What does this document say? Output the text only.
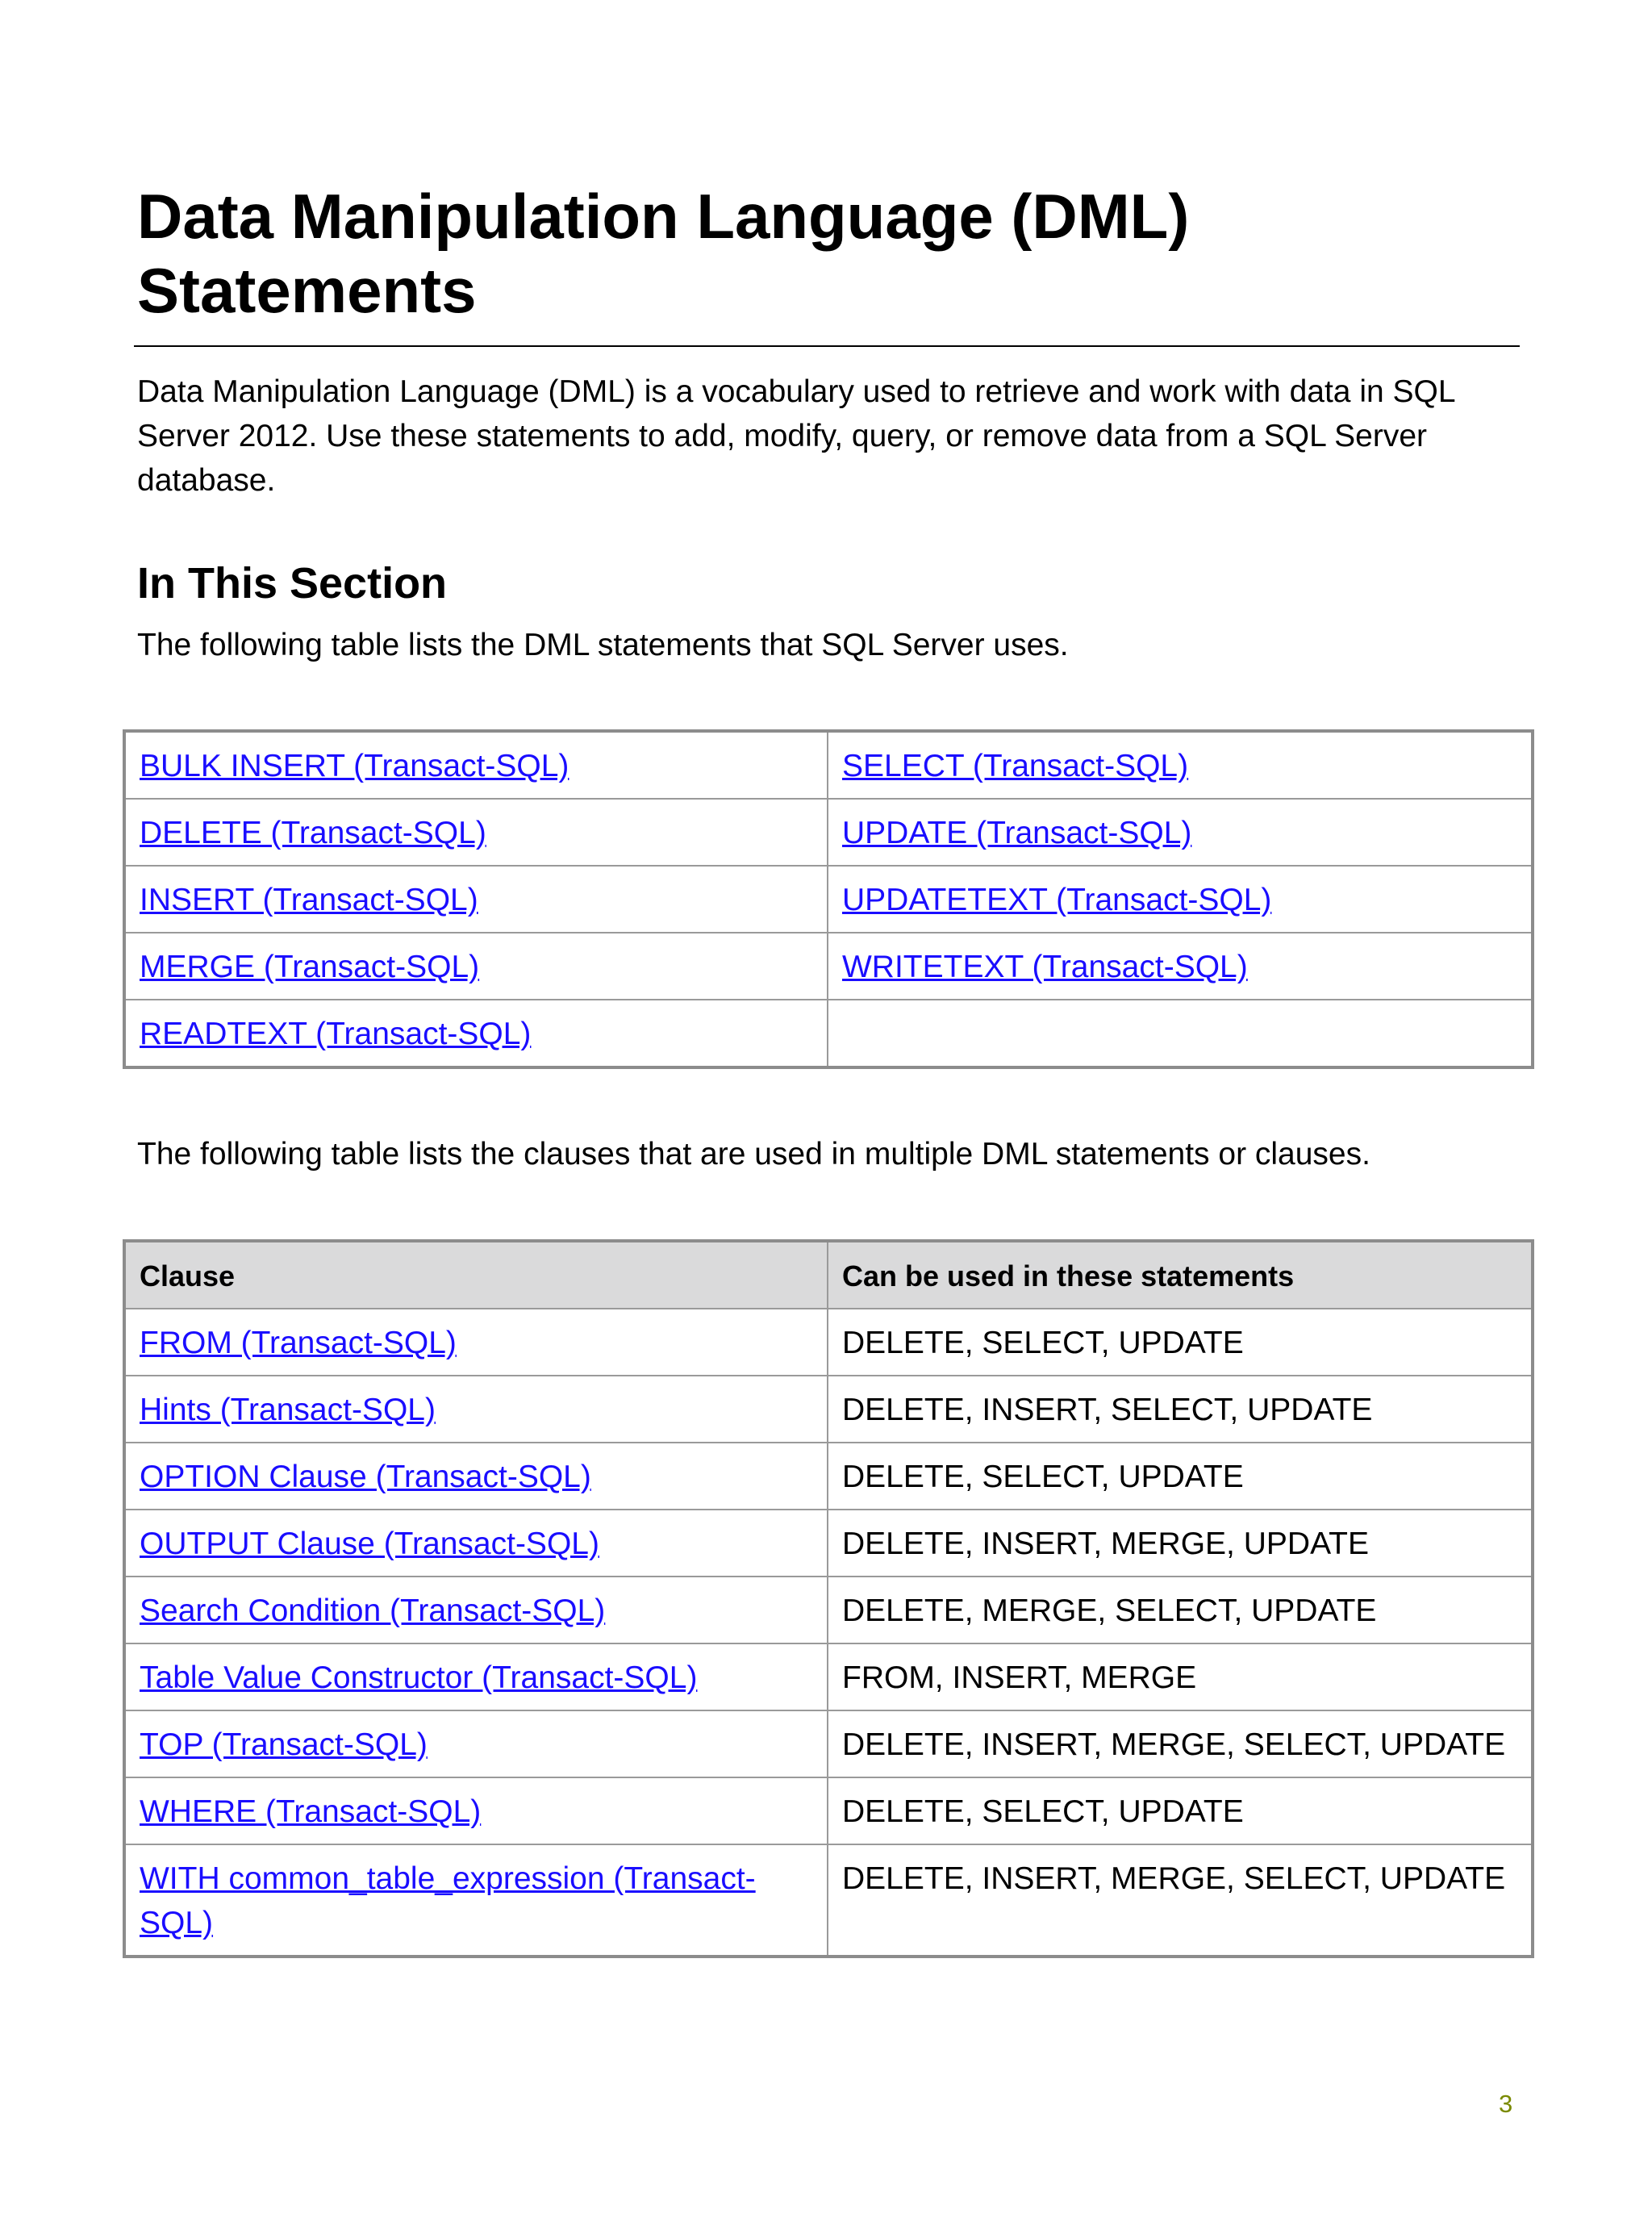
Data Manipulation Language (DML)
Statements

Data Manipulation Language (DML) is a vocabulary used to retrieve and work with data in SQL Server 2012. Use these statements to add, modify, query, or remove data from a SQL Server database.

In This Section

The following table lists the DML statements that SQL Server uses.

BULK INSERT (Transact-SQL)	SELECT (Transact-SQL)
DELETE (Transact-SQL)	UPDATE (Transact-SQL)
INSERT (Transact-SQL)	UPDATETEXT (Transact-SQL)
MERGE (Transact-SQL)	WRITETEXT (Transact-SQL)
READTEXT (Transact-SQL)	

The following table lists the clauses that are used in multiple DML statements or clauses.

Clause	Can be used in these statements
FROM (Transact-SQL)	DELETE, SELECT, UPDATE
Hints (Transact-SQL)	DELETE, INSERT, SELECT, UPDATE
OPTION Clause (Transact-SQL)	DELETE, SELECT, UPDATE
OUTPUT Clause (Transact-SQL)	DELETE, INSERT, MERGE, UPDATE
Search Condition (Transact-SQL)	DELETE, MERGE, SELECT, UPDATE
Table Value Constructor (Transact-SQL)	FROM, INSERT, MERGE
TOP (Transact-SQL)	DELETE, INSERT, MERGE, SELECT, UPDATE
WHERE (Transact-SQL)	DELETE, SELECT, UPDATE
WITH common_table_expression (Transact-SQL)	DELETE, INSERT, MERGE, SELECT, UPDATE
3
